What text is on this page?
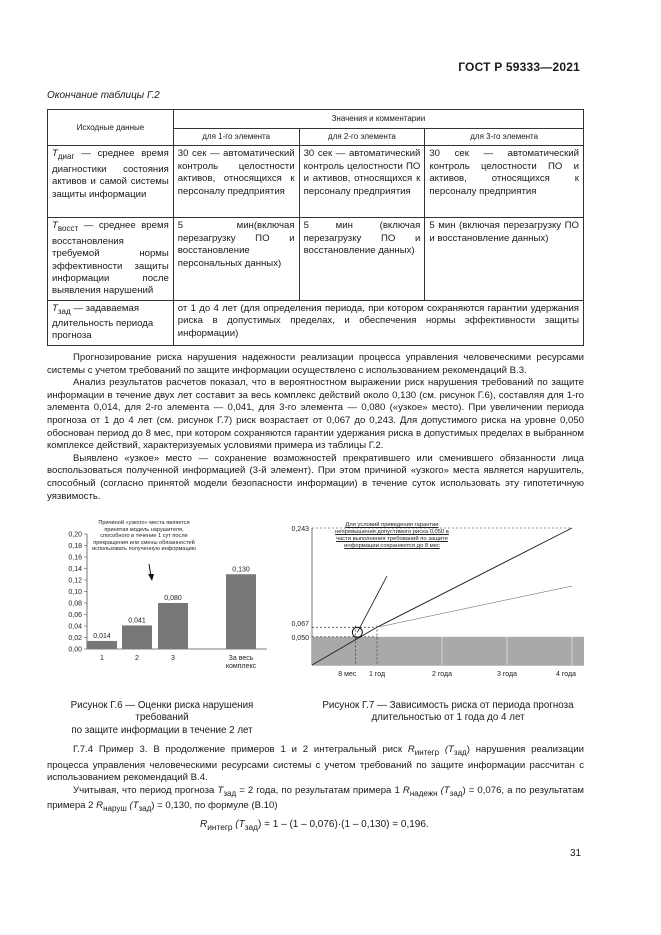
ГОСТ Р 59333—2021
Окончание таблицы Г.2
Исходные данные	Значения и комментарии		
	для 1-го элемента	для 2-го элемента	для 3-го элемента
$T_{диаг}$ — среднее время диагностики состояния активов и самой системы защиты информации	30 сек — автоматический контроль целостности активов, относящихся к персоналу предприятия	30 сек — автоматический контроль целостности ПО и активов, относящихся к персоналу предприятия	30 сек — автоматический контроль целостности ПО и активов, относящихся к персоналу предприятия
$T_{восст}$ — среднее время восстановления требуемой нормы эффективности защиты информации после выявления нарушений	5 мин(включая перезагрузку ПО и восстановление персональных данных)	5 мин (включая перезагрузку ПО и восстановление данных)	5 мин (включая перезагрузку ПО и восстановление данных)
$T_{зад}$ — задаваемая длительность периода прогноза	от 1 до 4 лет (для определения периода, при котором сохраняются гарантии удержания риска в допустимых пределах, и обеспечения нормы эффективности защиты информации)		

Прогнозирование риска нарушения надежности реализации процесса управления человеческими ресурсами системы с учетом требований по защите информации осуществлено с использованием рекомендаций В.3.

Анализ результатов расчетов показал, что в вероятностном выражении риск нарушения требований по защите информации в течение двух лет составит за весь комплекс действий около 0,130 (см. рисунок Г.6), составляя для 1-го элемента 0,014, для 2-го элемента — 0,041, для 3-го элемента — 0,080 («узкое» место). При увеличении периода прогноза от 1 до 4 лет (см. рисунок Г.7) риск возрастает от 0,067 до 0,243. Для допустимого риска на уровне 0,050 обоснован период до 8 мес, при котором сохраняются гарантии удержания риска в допустимых пределах в выбранном комплексе действий, характеризуемых условиями примера из таблицы Г.2.

Выявлено «узкое» место — сохранение возможностей прекратившего или сменившего обязанности лица воспользоваться полученной информацией (3-й элемент). При этом причиной «узкого» места является нарушитель, способный (согласно принятой модели безопасности информации) в течение суток использовать эту гипотетичную уязвимость.

0,00
0,02
0,04
0,06
0,08
0,10
0,12
0,14
0,16
0,18
0,20
0,014
0,041
0,080
0,130
1	2	3	За весь комплекс
Причиной «узкого» места является принятая модель нарушителя, способного в течение 1 сут после прекращения или смены обязанностей использовать полученную информацию
0,243
0,067
0,050
8 мес 1 год	2 года	3 года	4 года
Для условий приведения гарантии непревышения допустимого риска 0,050 в части выполнения требований по защите информации сохраняются до 8 мес
Рисунок Г.6 — Оценки риска нарушения требований
по защите информации в течение 2 лет
Рисунок Г.7 — Зависимость риска от периода прогноза
длительностью от 1 года до 4 лет

Г.7.4 Пример 3. В продолжение примеров 1 и 2 интегральный риск $R_{интегр}$ $(T_{зад})$ нарушения реализации процесса управления человеческими ресурсами системы с учетом требований по защите информации рассчитан с использованием рекомендаций В.4.

Учитывая, что период прогноза $T_{зад} = 2$ года, по результатам примера 1 $R_{надежн}$ $(T_{зад}) = 0,076$, а по результатам примера 2 $R_{наруш}$ $(T_{зад}) = 0,130$, по формуле (В.10)

$R_{интегр}$ $(T_{зад}) = 1 - (1 - 0,076)\cdot(1 - 0,130) = 0,196$.
31
